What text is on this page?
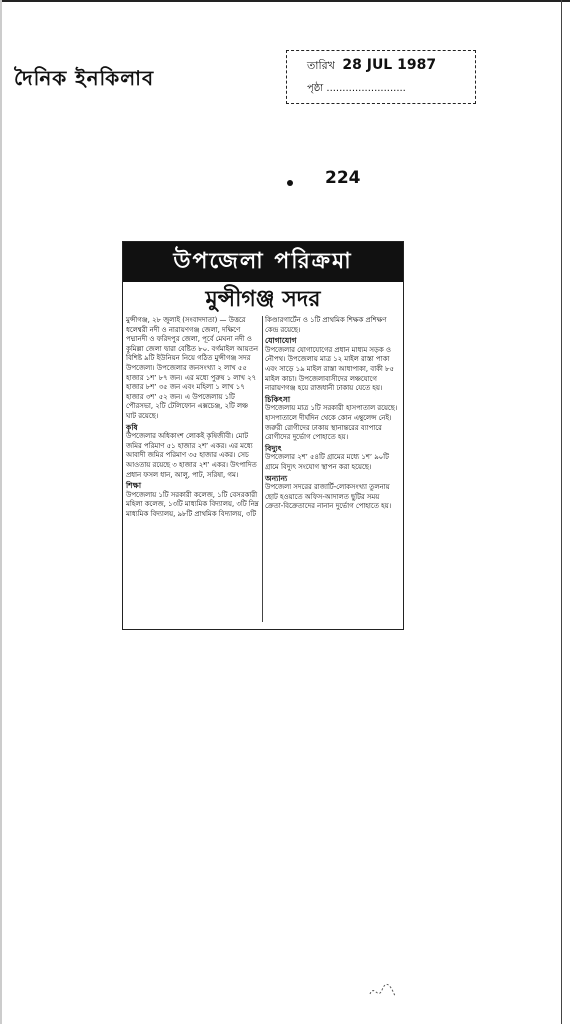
দৈনিক ইনকিলাব
তারিখ 28 JUL 1987
পৃষ্ঠা .........................
224
উপজেলা পরিক্রমা
মুন্সীগঞ্জ সদর

মুন্সীগঞ্জ, ২৮ জুলাই (সংবাদদাতা) — উত্তরে ধলেশ্বরী নদী ও নারায়ণগঞ্জ জেলা, দক্ষিণে পদ্মানদী ও ফরিদপুর জেলা, পূর্বে মেঘনা নদী ও কুমিল্লা জেলা দ্বারা বেষ্টিত ৮০. বর্গমাইল আয়তন বিশিষ্ট ৯টি ইউনিয়ন নিয়ে গঠিত মুন্সীগঞ্জ সদর উপজেলা। উপজেলার জনসংখ্যা ২ লাখ ৫৫ হাজার ১শ’ ৮৭ জন। এর মধ্যে পুরুষ ১ লাখ ২৭ হাজার ৮শ’ ৩৫ জন এবং মহিলা ১ লাখ ১৭ হাজার ৩শ’ ৫২ জন। এ উপজেলায় ১টি পৌরসভা, ২টি টেলিফোন এক্সচেঞ্জ, ২টি লঞ্চ ঘাট রয়েছে।

কৃষি

উপজেলার অধিকাংশ লোকই কৃষিজীবী। মোট জমির পরিমাণ ৫১ হাজার ২শ’ একর। এর মধ্যে আবাদী জমির পরিমাণ ৩৫ হাজার একর। সেচ আওতায় রয়েছে ৩ হাজার ২শ’ একর। উৎপাদিত প্রধান ফসল ধান, আলু, পাট, সরিষা, গম।

শিক্ষা

উপজেলায় ১টি সরকারী কলেজ, ১টি বেসরকারী মহিলা কলেজ, ১৩টি মাধ্যমিক বিদ্যালয়, ৩টি নিম্ন মাধ্যমিক বিদ্যালয়, ৯৮টি প্রাথমিক বিদ্যালয়, ৩টি

কিণ্ডারগার্টেন ও ১টি প্রাথমিক শিক্ষক প্রশিক্ষণ কেন্দ্র রয়েছে।

যোগাযোগ

উপজেলার যোগাযোগের প্রধান মাধ্যম সড়ক ও নৌপথ। উপজেলায় মাত্র ১২ মাইল রাস্তা পাকা এবং সাড়ে ১৯ মাইল রাস্তা আধাপাকা, বাকী ৮৫ মাইল কাচা। উপজেলাবাসীদের লঞ্চযোগে নারায়ণগঞ্জ হয়ে রাজধানী ঢাকায় যেতে হয়।

চিকিৎসা

উপজেলায় মাত্র ১টি সরকারী হাসপাতাল রয়েছে। হাসপাতালে দীর্ঘদিন থেকে কোন এম্বুলেন্স নেই। জরুরী রোগীদের ঢাকায় স্থানান্তরের ব্যাপারে রোগীদের দুর্ভোগ পোহাতে হয়।

বিদ্যুৎ

উপজেলার ২শ’ ৫৪টি গ্রামের মধ্যে ১শ’ ৯০টি গ্রামে বিদ্যুৎ সংযোগ স্থাপন করা হয়েছে।

অন্যান্য

উপজেলা সদরের রাজার্টি-লোকসংখ্যা তুলনায় ছোট হওয়াতে অফিস-আদালত ছুটির সময় ক্রেতা-বিক্রেতাদের নানান দুর্ভোগ পোহাতে হয়।
